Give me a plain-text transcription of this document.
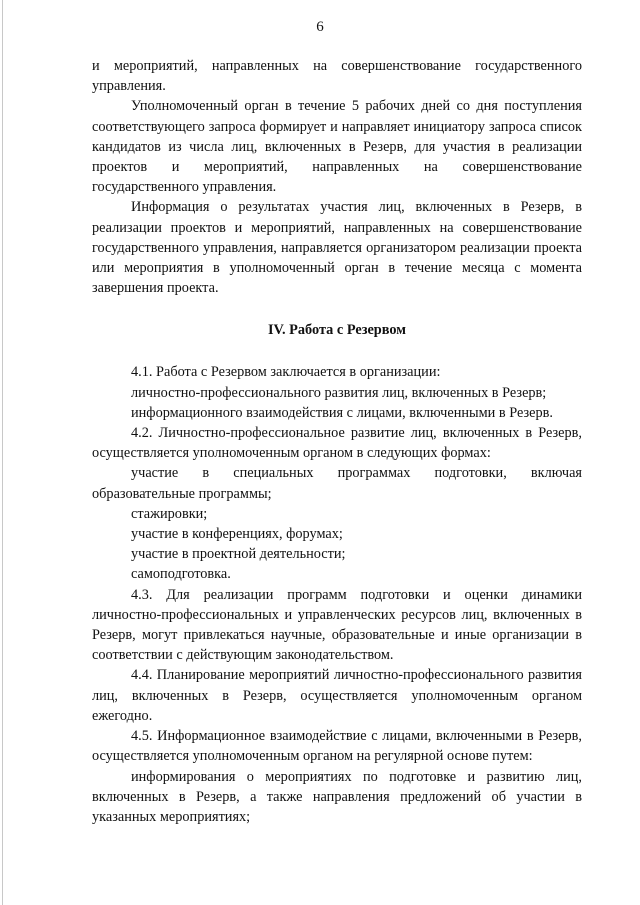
6

и мероприятий, направленных на совершенствование государственного управления.

Уполномоченный орган в течение 5 рабочих дней со дня поступления соответствующего запроса формирует и направляет инициатору запроса список кандидатов из числа лиц, включенных в Резерв, для участия в реализации проектов и мероприятий, направленных на совершенствование государственного управления.

Информация о результатах участия лиц, включенных в Резерв, в реализации проектов и мероприятий, направленных на совершенствование государственного управления, направляется организатором реализации проекта или мероприятия в уполномоченный орган в течение месяца с момента завершения проекта.

IV. Работа с Резервом

4.1. Работа с Резервом заключается в организации:

личностно-профессионального развития лиц, включенных в Резерв;

информационного взаимодействия с лицами, включенными в Резерв.

4.2. Личностно-профессиональное развитие лиц, включенных в Резерв, осуществляется уполномоченным органом в следующих формах:

участие в специальных программах подготовки, включая образовательные программы;

стажировки;

участие в конференциях, форумах;

участие в проектной деятельности;

самоподготовка.

4.3. Для реализации программ подготовки и оценки динамики личностно-профессиональных и управленческих ресурсов лиц, включенных в Резерв, могут привлекаться научные, образовательные и иные организации в соответствии с действующим законодательством.

4.4. Планирование мероприятий личностно-профессионального развития лиц, включенных в Резерв, осуществляется уполномоченным органом ежегодно.

4.5. Информационное взаимодействие с лицами, включенными в Резерв, осуществляется уполномоченным органом на регулярной основе путем:

информирования о мероприятиях по подготовке и развитию лиц, включенных в Резерв, а также направления предложений об участии в указанных мероприятиях;
